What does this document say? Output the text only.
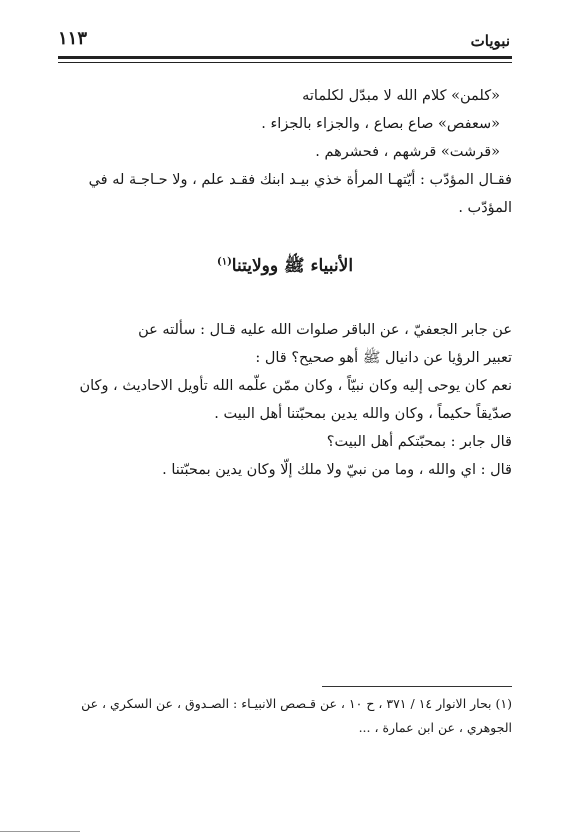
نبويات
١١٣
«كلمن» كلام الله لا مبدّل لكلماته
«سعفص» صاع بصاع ، والجزاء بالجزاء .
«قرشت» قرشهم ، فحشرهم .
فقـال المؤدّب : أيّتهـا المرأة خذي بيـد ابنك فقـد علم ، ولا حـاجـة له في
المؤدّب .
الأنبياء ﷺ وولايتنا$^{(١)}$
عن جابر الجعفيّ ، عن الباقر صلوات الله عليه قـال : سألته عن
تعبير الرؤيا عن دانيال ﷺ أهو صحيح؟ قال :
نعم كان يوحى إليه وكان نبيّاً ، وكان ممّن علّمه الله تأويل الاحاديث ، وكان
صدّيقاً حكيماً ، وكان والله يدين بمحبّتنا أهل البيت .
قال جابر : بمحبّتكم أهل البيت؟
قال : اي والله ، وما من نبيّ ولا ملك إلّا وكان يدين بمحبّتنا .
(١) بحار الانوار ١٤ / ٣٧١ ، ح ١٠ ، عن قـصص الانبيـاء : الصـدوق ، عن السكري ، عن
الجوهري ، عن ابن عمارة ، ...
